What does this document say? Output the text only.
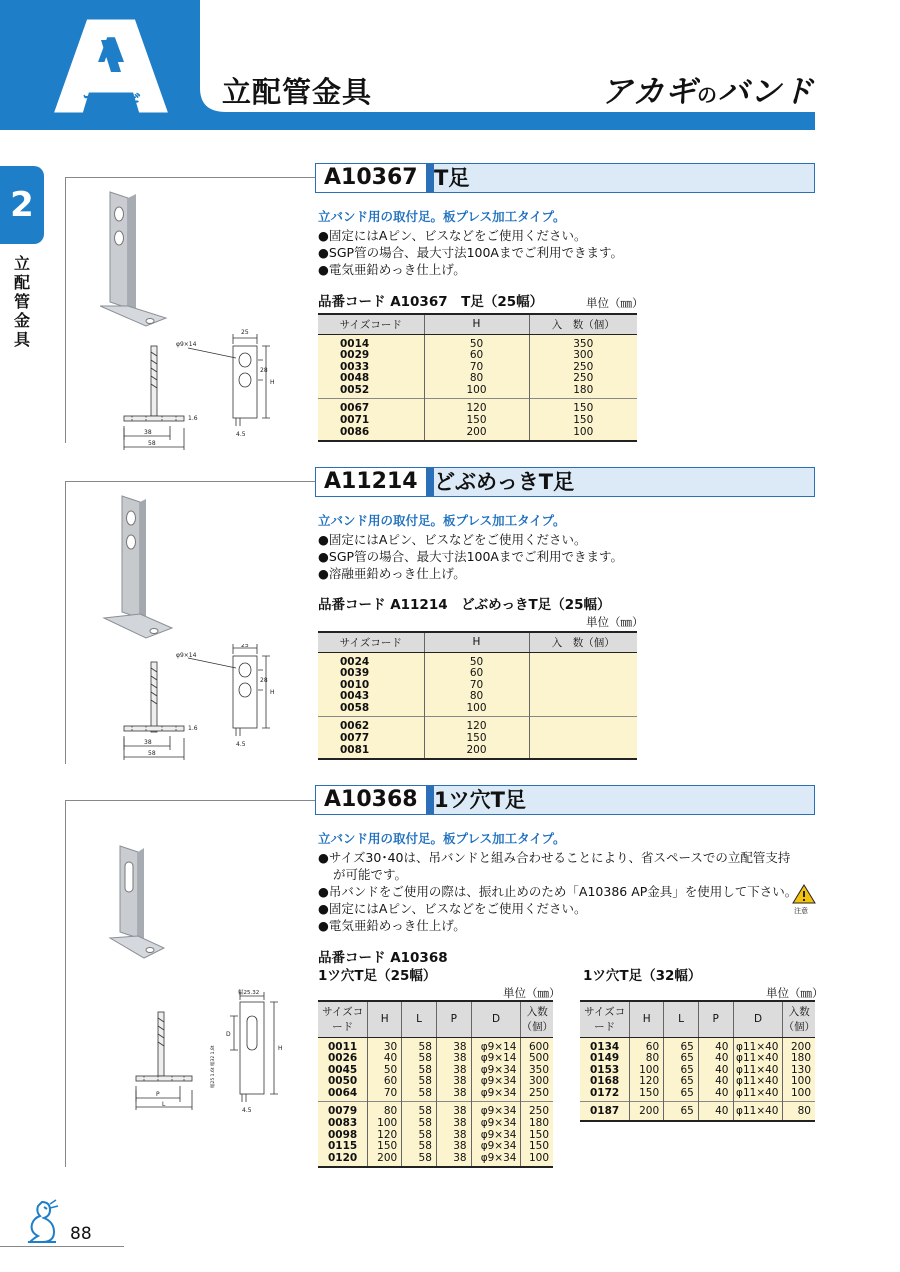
A
アカギ	立配管金具	アカギのバンド
2
立配管金具
A10367 T足
φ9×14
25
28
H
1.6
38
58
4.5
立バンド用の取付足。板プレス加工タイプ。
●固定にはAピン、ビスなどをご使用ください。
●SGP管の場合、最大寸法100Aまでご利用できます。
●電気亜鉛めっき仕上げ。
品番コード A10367　T足（25幅）	単位（㎜）
サイズコード	H	入　数（個）
0014	50	350
0029	60	300
0033	70	250
0048	80	250
0052	100	180
0067	120	150
0071	150	150
0086	200	100
A11214 どぶめっきT足
φ9×14
25
28
H
1.6
38
58
4.5
立バンド用の取付足。板プレス加工タイプ。
●固定にはAピン、ビスなどをご使用ください。
●SGP管の場合、最大寸法100Aまでご利用できます。
●溶融亜鉛めっき仕上げ。
品番コード A11214　どぶめっきT足（25幅）
単位（㎜）
サイズコード	H	入　数（個）
0024	50	
0039	60	
0010	70	
0043	80	
0058	100	
0062	120	
0077	150	
0081	200	
A10368 1ツ穴T足
幅25.32
D
H
幅25 1.6t 幅32 1.8t
P
L
4.5
立バンド用の取付足。板プレス加工タイプ。
●サイズ30･40は、吊バンドと組み合わせることにより、省スペースでの立配管支持
が可能です。
●吊バンドをご使用の際は、振れ止めのため「A10386 AP金具」を使用して下さい。
●固定にはAピン、ビスなどをご使用ください。
●電気亜鉛めっき仕上げ。
注意
品番コード A10368
1ツ穴T足（25幅）	1ツ穴T足（32幅）
単位（㎜）	単位（㎜）
サイズコード	H	L	P	D	入数（個）
0011	30	58	38	φ9×14	600
0026	40	58	38	φ9×14	500
0045	50	58	38	φ9×34	350
0050	60	58	38	φ9×34	300
0064	70	58	38	φ9×34	250
0079	80	58	38	φ9×34	250
0083	100	58	38	φ9×34	180
0098	120	58	38	φ9×34	150
0115	150	58	38	φ9×34	150
0120	200	58	38	φ9×34	100
サイズコード	H	L	P	D	入数（個）
0134	60	65	40	φ11×40	200
0149	80	65	40	φ11×40	180
0153	100	65	40	φ11×40	130
0168	120	65	40	φ11×40	100
0172	150	65	40	φ11×40	100
0187	200	65	40	φ11×40	80
88
